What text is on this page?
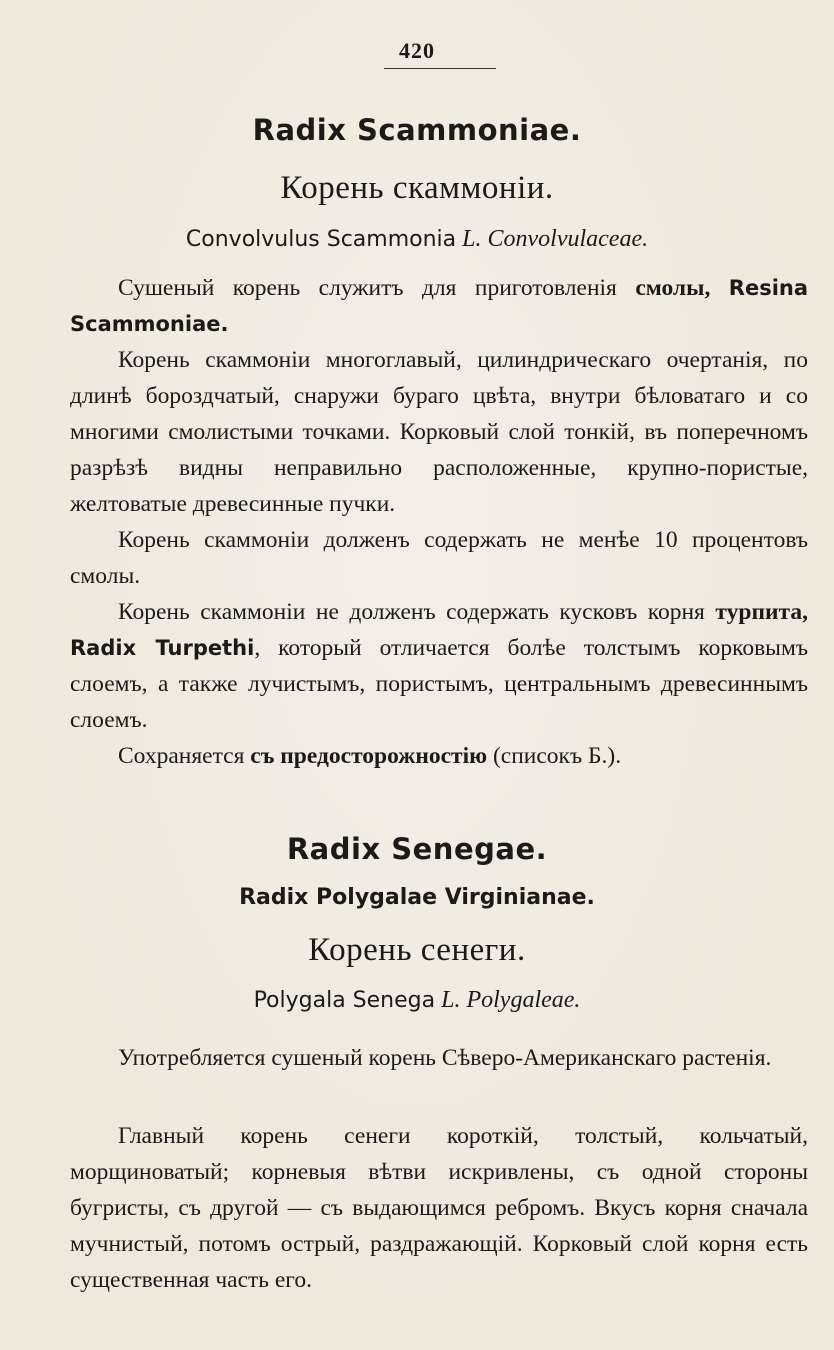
420
Radix Scammoniae.
Корень скаммонiи.
Convolvulus Scammonia L. Convolvulaceae.
Сушеный корень служитъ для приготовленiя смолы, Resina Scammoniae.
Корень скаммонiи многоглавый, цилиндрическаго очертанiя, по длинѣ бороздчатый, снаружи бураго цвѣта, внутри бѣловатаго и со многими смолистыми точками. Корковый слой тонкiй, въ поперечномъ разрѣзѣ видны неправильно расположенные, крупно-пористые, желтоватые древесинные пучки.
Корень скаммонiи долженъ содержать не менѣе 10 процентовъ смолы.
Корень скаммонiи не долженъ содержать кусковъ корня турпита, Radix Turpethi, который отличается болѣе толстымъ корковымъ слоемъ, а также лучистымъ, пористымъ, центральнымъ древесиннымъ слоемъ.
Сохраняется съ предосторожностiю (списокъ Б.).
Radix Senegae.
Radix Polygalae Virginianae.
Корень сенеги.
Polygala Senega L. Polygaleae.
Употребляется сушеный корень Сѣверо-Американскаго растенiя.
Главный корень сенеги короткiй, толстый, кольчатый, морщиноватый; корневыя вѣтви искривлены, съ одной стороны бугристы, съ другой — съ выдающимся ребромъ. Вкусъ корня сначала мучнистый, потомъ острый, раздражающiй. Корковый слой корня есть существенная часть его.
